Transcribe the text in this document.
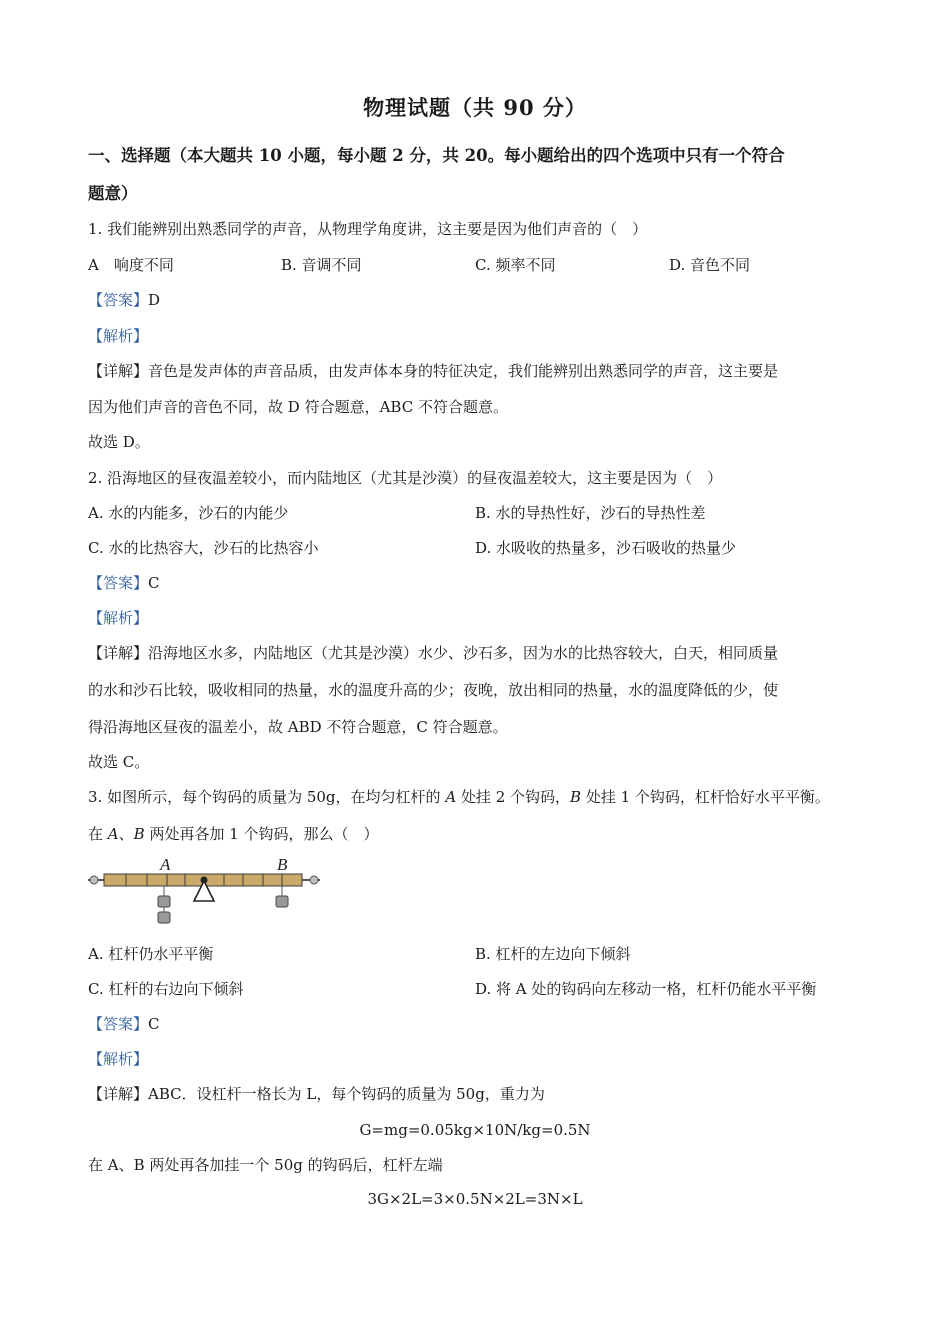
物理试题（共 90 分）
一、选择题（本大题共 10 小题，每小题 2 分，共 20。每小题给出的四个选项中只有一个符合
题意）
1. 我们能辨别出熟悉同学的声音，从物理学角度讲，这主要是因为他们声音的（　）
A　响度不同	B. 音调不同	C. 频率不同	D. 音色不同
【答案】D
【解析】
【详解】音色是发声体的声音品质，由发声体本身的特征决定，我们能辨别出熟悉同学的声音，这主要是
因为他们声音的音色不同，故 D 符合题意，ABC 不符合题意。
故选 D。
2. 沿海地区的昼夜温差较小，而内陆地区（尤其是沙漠）的昼夜温差较大，这主要是因为（　）
A. 水的内能多，沙石的内能少	B. 水的导热性好，沙石的导热性差
C. 水的比热容大，沙石的比热容小	D. 水吸收的热量多，沙石吸收的热量少
【答案】C
【解析】
【详解】沿海地区水多，内陆地区（尤其是沙漠）水少、沙石多，因为水的比热容较大，白天，相同质量
的水和沙石比较，吸收相同的热量，水的温度升高的少；夜晚，放出相同的热量，水的温度降低的少，使
得沿海地区昼夜的温差小，故 ABD 不符合题意，C 符合题意。
故选 C。
3. 如图所示，每个钩码的质量为 50g，在均匀杠杆的 A 处挂 2 个钩码，B 处挂 1 个钩码，杠杆恰好水平平衡。
在 A、B 两处再各加 1 个钩码，那么（　）
A	B
A. 杠杆仍水平平衡	B. 杠杆的左边向下倾斜
C. 杠杆的右边向下倾斜	D. 将 A 处的钩码向左移动一格，杠杆仍能水平平衡
【答案】C
【解析】
【详解】ABC．设杠杆一格长为 L，每个钩码的质量为 50g，重力为
G=mg=0.05kg×10N/kg=0.5N
在 A、B 两处再各加挂一个 50g 的钩码后，杠杆左端
3G×2L=3×0.5N×2L=3N×L
